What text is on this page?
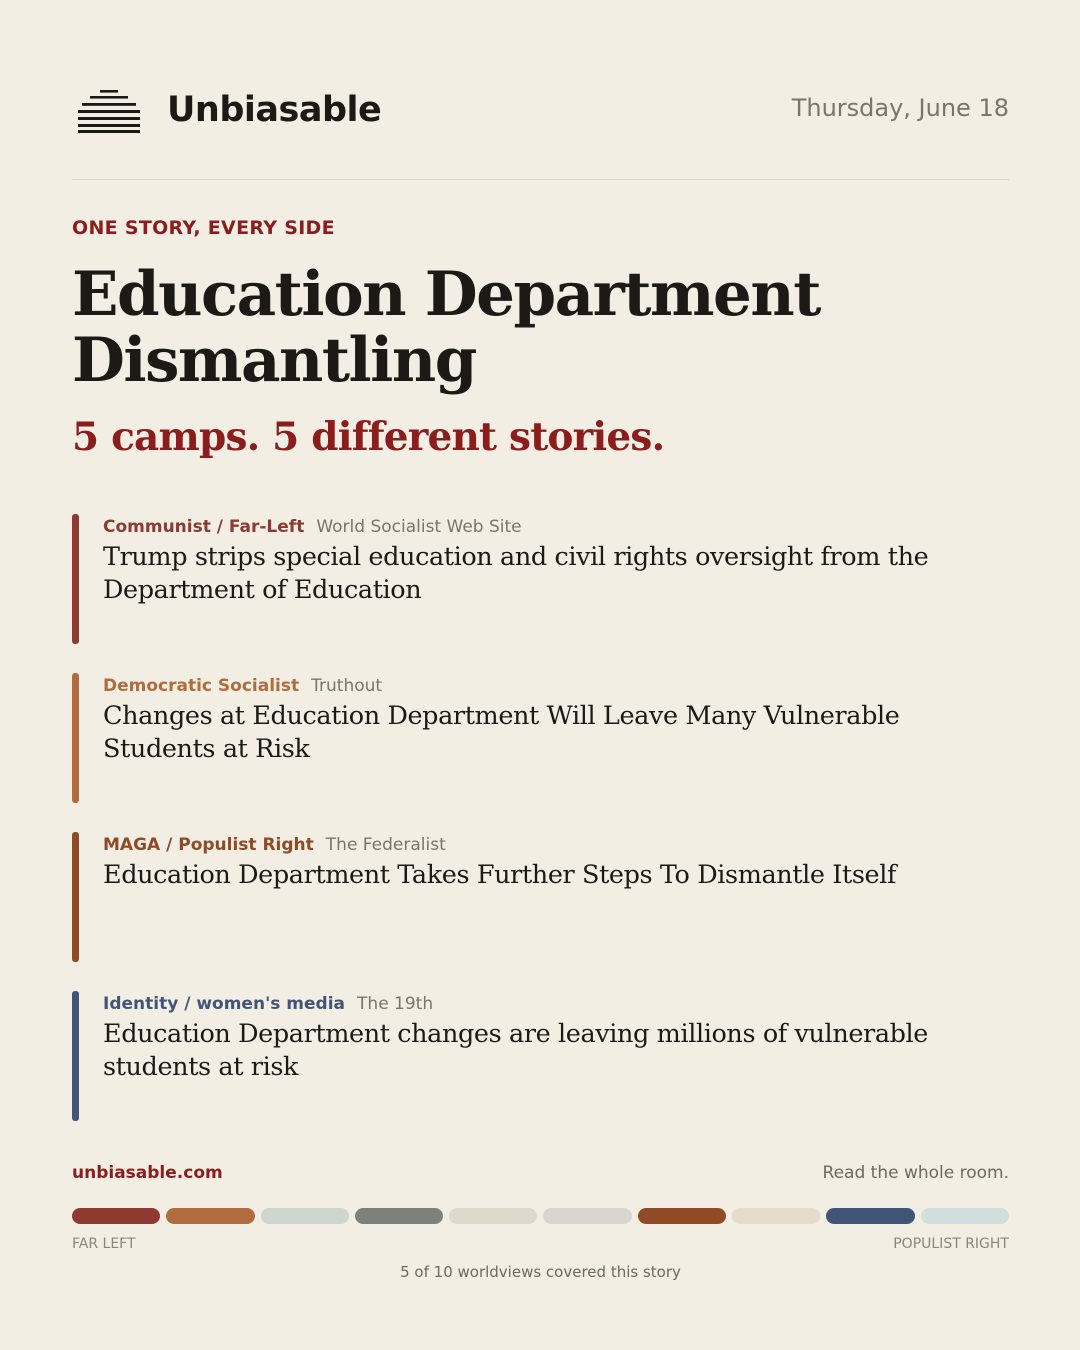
Unbiasable	Thursday, June 18
ONE STORY, EVERY SIDE
Education Department
Dismantling
5 camps. 5 different stories.
Communist / Far-Left World Socialist Web Site
Trump strips special education and civil rights oversight from the Department of Education
Democratic Socialist Truthout
Changes at Education Department Will Leave Many Vulnerable Students at Risk
MAGA / Populist Right The Federalist
Education Department Takes Further Steps To Dismantle Itself
Identity / women's media The 19th
Education Department changes are leaving millions of vulnerable students at risk
unbiasable.com	Read the whole room.
FAR LEFT	POPULIST RIGHT
5 of 10 worldviews covered this story
